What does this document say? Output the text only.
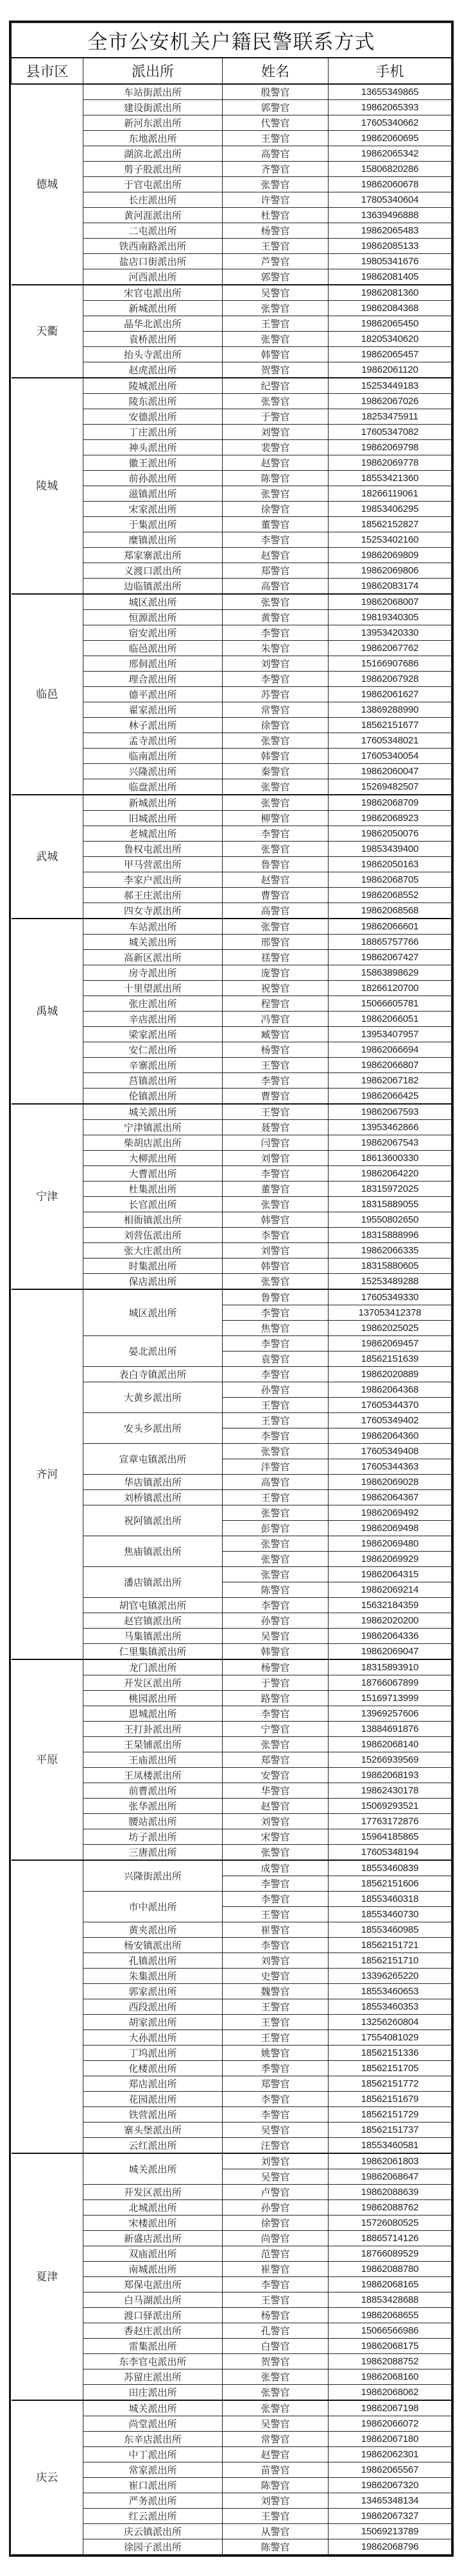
全市公安机关户籍民警联系方式			
县市区	派出所	姓名	手机
德城	车站街派出所	殷警官	13655349865
	建设街派出所	郭警官	19862065393
	新河东派出所	代警官	17605340662
	东地派出所	王警官	19862060695
	湖滨北派出所	高警官	19862065342
	剪子股派出所	齐警官	15806820286
	于官屯派出所	张警官	19862060678
	长庄派出所	许警官	17805340604
	黄河涯派出所	杜警官	13639496888
	二屯派出所	杨警官	19862065483
	铁西南路派出所	王警官	19862085133
	盐店口街派出所	芦警官	19805341676
	河西派出所	郭警官	19862081405
天衢	宋官屯派出所	吴警官	19862081360
	新城派出所	张警官	19862084368
	晶华北派出所	王警官	19862065450
	袁桥派出所	张警官	18205340620
	抬头寺派出所	韩警官	19862065457
	赵虎派出所	贺警官	19862061120
陵城	陵城派出所	纪警官	15253449183
	陵东派出所	张警官	19862067026
	安德派出所	于警官	18253475911
	丁庄派出所	刘警官	17605347082
	神头派出所	裴警官	19862069798
	徽王派出所	赵警官	19862069778
	前孙派出所	陈警官	18553421360
	滋镇派出所	张警官	18266119061
	宋家派出所	徐警官	19853406295
	于集派出所	董警官	18562152827
	糜镇派出所	李警官	15253402160
	郑家寨派出所	赵警官	19862069809
	义渡口派出所	郑警官	19862069806
	边临镇派出所	高警官	19862083174
临邑	城区派出所	张警官	19862068007
	恒源派出所	黄警官	19819340305
	宿安派出所	李警官	13953420330
	临邑派出所	朱警官	19862067762
	邢侗派出所	刘警官	15166907686
	理合派出所	李警官	19862067928
	德平派出所	苏警官	19862061627
	翟家派出所	常警官	13869288990
	林子派出所	徐警官	18562151677
	孟寺派出所	张警官	17605348021
	临南派出所	韩警官	17605340054
	兴隆派出所	秦警官	19862060047
	临盘派出所	张警官	15269482507
武城	新城派出所	张警官	19862068709
	旧城派出所	柳警官	19862068923
	老城派出所	李警官	19862050076
	鲁权屯派出所	张警官	19853439400
	甲马营派出所	鲁警官	19862050163
	李家户派出所	赵警官	19862068705
	郝王庄派出所	曹警官	19862068552
	四女寺派出所	高警官	19862068568
禹城	车站派出所	张警官	19862066601
	城关派出所	邢警官	18865757766
	高新区派出所	禚警官	19862067427
	房寺派出所	庞警官	15863898629
	十里望派出所	祝警官	18266120700
	张庄派出所	程警官	15066605781
	辛店派出所	冯警官	19862066051
	梁家派出所	臧警官	13953407957
	安仁派出所	杨警官	19862066694
	辛寨派出所	王警官	19862066807
	莒镇派出所	李警官	19862067182
	伦镇派出所	曹警官	19862066425
宁津	城关派出所	王警官	19862067593
	宁津镇派出所	聂警官	13953462866
	柴胡店派出所	闫警官	19862067543
	大柳派出所	刘警官	18613600330
	大曹派出所	李警官	19862064220
	杜集派出所	董警官	18315972025
	长官派出所	张警官	18315889055
	相衙镇派出所	韩警官	19550802650
	刘营伍派出所	李警官	18315888996
	张大庄派出所	刘警官	19862066335
	时集派出所	韩警官	18315880605
	保店派出所	张警官	15253489288
齐河	城区派出所	鲁警官	17605349330
		李警官	137053412378
		焦警官	19862025025
	晏北派出所	李警官	19862069457
		袁警官	18562151639
	表白寺镇派出所	李警官	19862020889
	大黄乡派出所	孙警官	19862064368
		王警官	17605344370
	安头乡派出所	王警官	17605349402
		李警官	19862064360
	宣章屯镇派出所	张警官	17605349408
		泮警官	17605344363
	华店镇派出所	高警官	19862069028
	刘桥镇派出所	王警官	19862064367
	祝阿镇派出所	张警官	19862069492
		彭警官	19862069498
	焦庙镇派出所	张警官	19862069480
		张警官	19862069929
	潘店镇派出所	张警官	19862064315
		陈警官	19862069214
	胡官屯镇派出所	李警官	15632184359
	赵官镇派出所	孙警官	19862020200
	马集镇派出所	吴警官	19862064336
	仁里集镇派出所	韩警官	19862069047
平原	龙门派出所	杨警官	18315893910
	开发区派出所	于警官	18766067899
	桃园派出所	路警官	15169713999
	恩城派出所	李警官	13969257606
	王打卦派出所	宁警官	13884691876
	王杲铺派出所	张警官	19862068140
	王庙派出所	郑警官	15266939569
	王凤楼派出所	安警官	19862068193
	前曹派出所	华警官	19862430178
	张华派出所	赵警官	15069293521
	腰站派出所	刘警官	17763172876
	坊子派出所	宋警官	15964185865
	三唐派出所	张警官	17605348194
	兴隆街派出所	成警官	18553460839
		李警官	18562151606
	市中派出所	李警官	18553460318
		王警官	18553460730
	黄夹派出所	崔警官	18553460985
	杨安镇派出所	李警官	18562151721
	孔镇派出所	刘警官	18562151710
	朱集派出所	史警官	13396265220
	郭家派出所	魏警官	18553460653
	西段派出所	王警官	18553460353
	胡家派出所	王警官	13256260804
	大孙派出所	王警官	17554081029
	丁坞派出所	姚警官	18562151336
	化楼派出所	季警官	18562151705
	郑店派出所	郑警官	18562151772
	花园派出所	李警官	18562151679
	铁营派出所	李警官	18562151729
	寨头堡派出所	吴警官	18562151737
	云红派出所	汪警官	18553460581
夏津	城关派出所	刘警官	19862061803
		吴警官	19862068647
	开发区派出所	卢警官	19862088639
	北城派出所	孙警官	19862088762
	宋楼派出所	徐警官	15726080525
	新盛店派出所	尚警官	18865714126
	双庙派出所	范警官	18766089529
	南城派出所	崔警官	19862088780
	郑保屯派出所	李警官	19862068165
	白马湖派出所	王警官	18853428688
	渡口驿派出所	杨警官	19862068655
	香赵庄派出所	孔警官	15066566986
	雷集派出所	白警官	19862068175
	东李官屯派出所	贺警官	19862088752
	苏留庄派出所	张警官	19862068160
	田庄派出所	张警官	19862068062
庆云	城关派出所	张警官	19862067198
	尚堂派出所	吴警官	19862066072
	东辛店派出所	常警官	19862067180
	中丁派出所	赵警官	19862062301
	常家派出所	苗警官	19862065567
	崔口派出所	陈警官	19862067320
	严务派出所	刘警官	13465348134
	红云派出所	王警官	19862067327
	庆云镇派出所	从警官	15069213789
	徐园子派出所	陈警官	19862068796
